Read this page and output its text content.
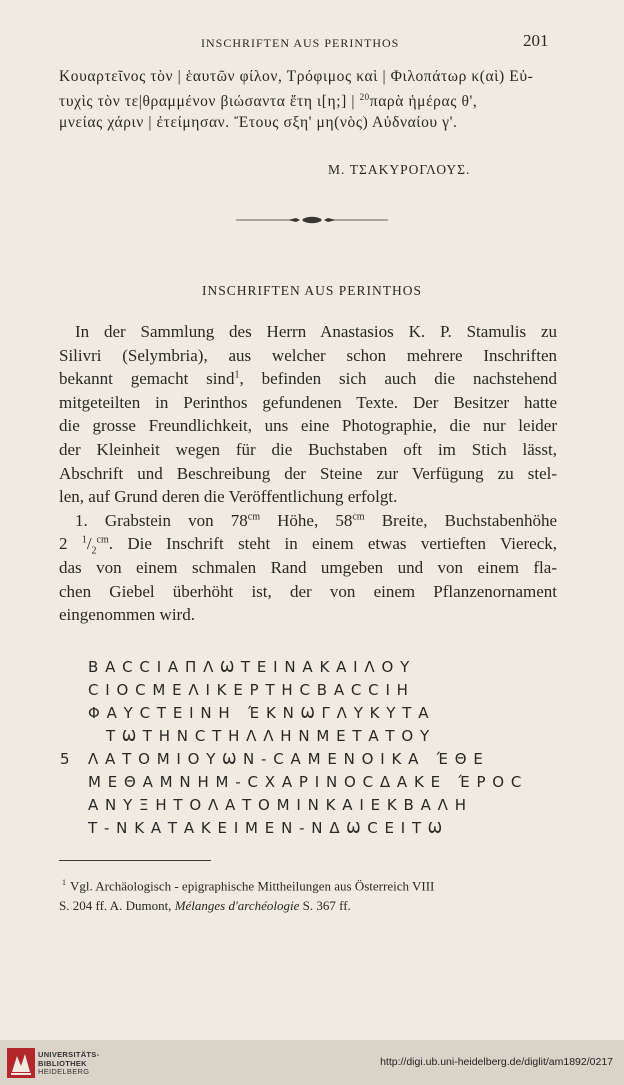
INSCHRIFTEN AUS PERINTHOS	201
Κουαρτεῖνος τὸν | ἑαυτῶν φίλον, Τρόφιμος καὶ | Φιλοπάτωρ κ(αὶ) Εὐ-
τυχὶς τὸν τε|θραμμένον βιώσαντα ἔτη ι[η;] | $^{20}$παρὰ ἡμέρας θ',
μνείας χάριν | ἐτείμησαν. Ἔτους σξη' μη(νὸς) Αὐδναίου γ'.
M. ΤΣΑΚΥΡΟΓΛΟΥΣ.
INSCHRIFTEN AUS PERINTHOS
In der Sammlung des Herrn Anastasios K. P. Stamulis zu
Silivri (Selymbria), aus welcher schon mehrere Inschriften
bekannt gemacht sind$^1$, befinden sich auch die nachstehend
mitgeteilten in Perinthos gefundenen Texte. Der Besitzer hatte
die grosse Freundlichkeit, uns eine Photographie, die nur leider
der Kleinheit wegen für die Buchstaben oft im Stich lässt,
Abschrift und Beschreibung der Steine zur Verfügung zu stel-
len, auf Grund deren die Veröffentlichung erfolgt.
1. Grabstein von $78^{cm}$ Höhe, $58^{cm}$ Breite, Buchstabenhöhe
2 $^1/_2^{cm}$. Die Inschrift steht in einem etwas vertieften Viereck,
das von einem schmalen Rand umgeben und von einem fla-
chen Giebel überhöht ist, der von einem Pflanzenornament
eingenommen wird.
ΒΑϹϹΙΑΠΛѠΤΕΙΝΑΚΑΙΛΟΥ
ϹΙΟϹΜΕΛΙΚΕΡΤΗϹΒΑϹϹΙΗ
ΦΑΥϹΤΕΙΝΗ ΈΚΝѠΓΛΥΚΥΤΑ
ΤѠΤΗΝϹΤΗΛΛΗΝΜΕΤΑΤΟΥ
5 ΛΑΤΟΜΙΟΥѠΝ-ϹΑΜΕΝΟΙΚΑ ΈΘΕ
ΜΕΘΑΜΝΗΜ-ϹΧΑΡΙΝΟϹΔΑΚΕ ΈΡΟϹ
ΑΝΥΞΗΤΟΛΑΤΟΜΙΝΚΑΙΕΚΒΑΛΗ
Τ-ΝΚΑΤΑΚΕΙΜΕΝ-ΝΔѠϹΕΙΤѠ
$^1$ Vgl. Archäologisch - epigraphische Mittheilungen aus Österreich VIII
S. 204 ff. A. Dumont, Mélanges d'archéologie S. 367 ff.
UNIVERSITÄTS-
BIBLIOTHEK
HEIDELBERG
http://digi.ub.uni-heidelberg.de/diglit/am1892/0217
